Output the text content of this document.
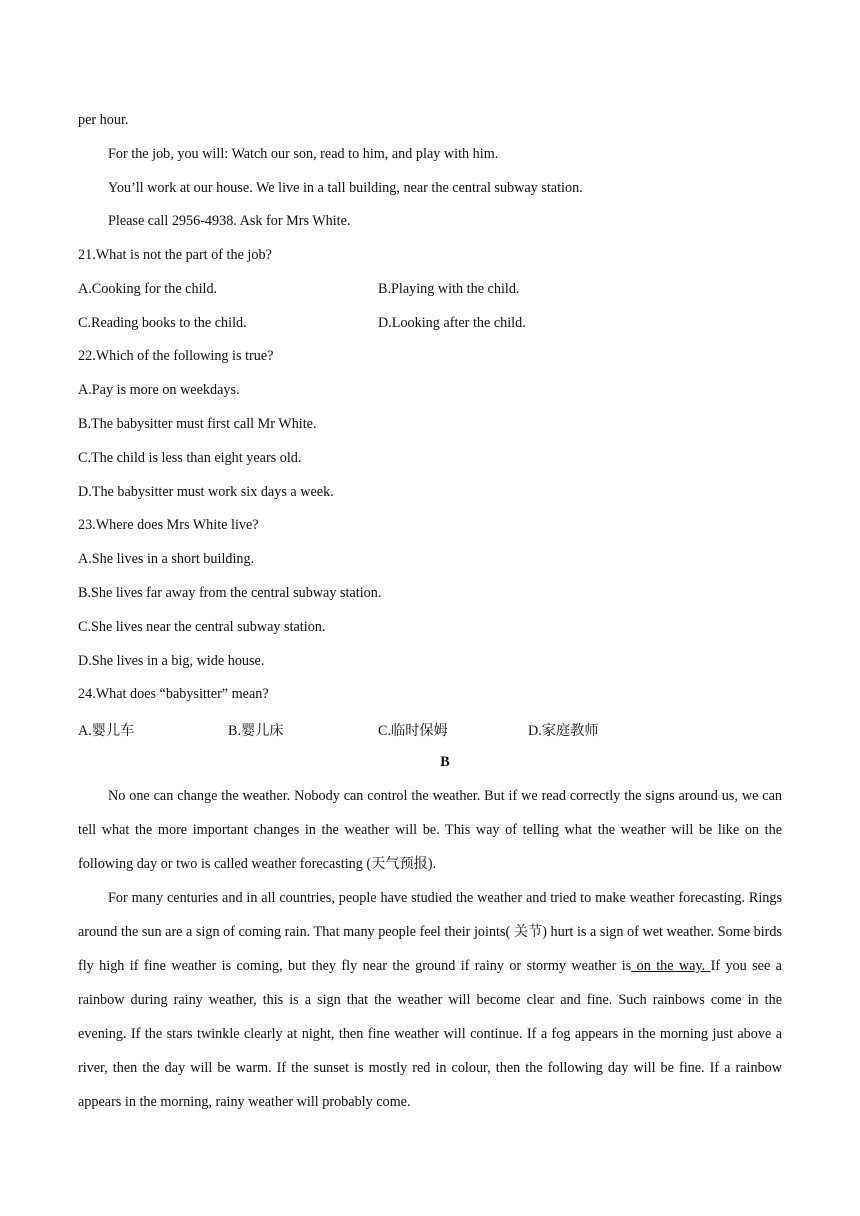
per hour.
For the job, you will: Watch our son, read to him, and play with him.
You’ll work at our house. We live in a tall building, near the central subway station.
Please call 2956-4938. Ask for Mrs White.
21.What is not the part of the job?
A.Cooking for the child.	B.Playing with the child.
C.Reading books to the child.	D.Looking after the child.
22.Which of the following is true?
A.Pay is more on weekdays.
B.The babysitter must first call Mr White.
C.The child is less than eight years old.
D.The babysitter must work six days a week.
23.Where does Mrs White live?
A.She lives in a short building.
B.She lives far away from the central subway station.
C.She lives near the central subway station.
D.She lives in a big, wide house.
24.What does “babysitter” mean?
A.婴儿车	B.婴儿床	C.临时保姆	D.家庭教师
B
No one can change the weather. Nobody can control the weather. But if we read correctly the signs around us, we can tell what the more important changes in the weather will be. This way of telling what the weather will be like on the following day or two is called weather forecasting (天气预报).
For many centuries and in all countries, people have studied the weather and tried to make weather forecasting. Rings around the sun are a sign of coming rain. That many people feel their joints( 关节) hurt is a sign of wet weather. Some birds fly high if fine weather is coming, but they fly near the ground if rainy or stormy weather is on the way. If you see a rainbow during rainy weather, this is a sign that the weather will become clear and fine. Such rainbows come in the evening. If the stars twinkle clearly at night, then fine weather will continue. If a fog appears in the morning just above a river, then the day will be warm. If the sunset is mostly red in colour, then the following day will be fine. If a rainbow appears in the morning, rainy weather will probably come.
